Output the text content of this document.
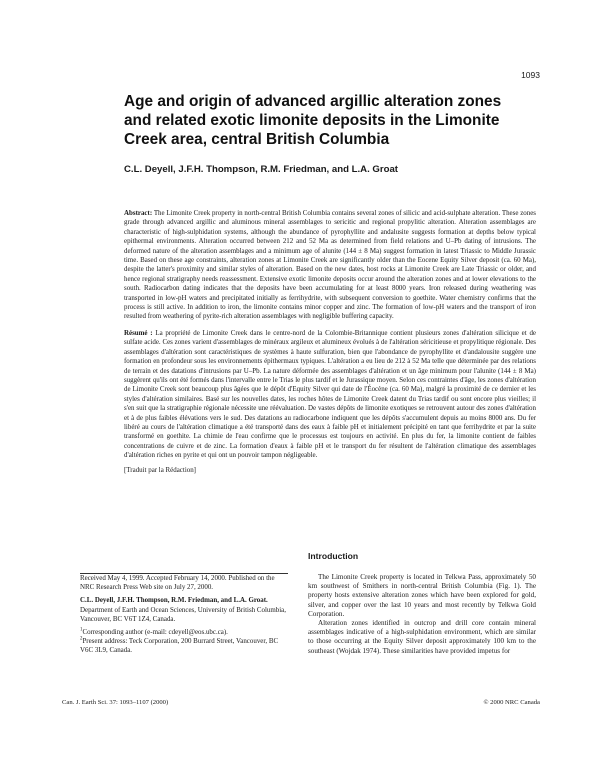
1093
Age and origin of advanced argillic alteration zones and related exotic limonite deposits in the Limonite Creek area, central British Columbia

C.L. Deyell, J.F.H. Thompson, R.M. Friedman, and L.A. Groat

Abstract: The Limonite Creek property in north-central British Columbia contains several zones of silicic and acid-sulphate alteration. These zones grade through advanced argillic and aluminous mineral assemblages to sericitic and regional propylitic alteration. Alteration assemblages are characteristic of high-sulphidation systems, although the abundance of pyrophyllite and andalusite suggests formation at depths below typical epithermal environments. Alteration occurred between 212 and 52 Ma as determined from field relations and U–Pb dating of intrusions. The deformed nature of the alteration assemblages and a minimum age of alunite (144 ± 8 Ma) suggest formation in latest Triassic to Middle Jurassic time. Based on these age constraints, alteration zones at Limonite Creek are significantly older than the Eocene Equity Silver deposit (ca. 60 Ma), despite the latter's proximity and similar styles of alteration. Based on the new dates, host rocks at Limonite Creek are Late Triassic or older, and hence regional stratigraphy needs reassessment. Extensive exotic limonite deposits occur around the alteration zones and at lower elevations to the south. Radiocarbon dating indicates that the deposits have been accumulating for at least 8000 years. Iron released during weathering was transported in low-pH waters and precipitated initially as ferrihydrite, with subsequent conversion to goethite. Water chemistry confirms that the process is still active. In addition to iron, the limonite contains minor copper and zinc. The formation of low-pH waters and the transport of iron resulted from weathering of pyrite-rich alteration assemblages with negligible buffering capacity.

Résumé : La propriété de Limonite Creek dans le centre-nord de la Colombie-Britannique contient plusieurs zones d'altération silicique et de sulfate acide. Ces zones varient d'assemblages de minéraux argileux et alumineux évolués à de l'altération séricitieuse et propylitique régionale. Des assemblages d'altération sont caractéristiques de systèmes à haute sulfuration, bien que l'abondance de pyrophyllite et d'andalousite suggère une formation en profondeur sous les environnements épithermaux typiques. L'altération a eu lieu de 212 à 52 Ma telle que déterminée par des relations de terrain et des datations d'intrusions par U–Pb. La nature déformée des assemblages d'altération et un âge minimum pour l'alunite (144 ± 8 Ma) suggèrent qu'ils ont été formés dans l'intervalle entre le Trias le plus tardif et le Jurassique moyen. Selon ces contraintes d'âge, les zones d'altération de Limonite Creek sont beaucoup plus âgées que le dépôt d'Equity Silver qui date de l'Éocène (ca. 60 Ma), malgré la proximité de ce dernier et les styles d'altération similaires. Basé sur les nouvelles dates, les roches hôtes de Limonite Creek datent du Trias tardif ou sont encore plus vieilles; il s'en suit que la stratigraphie régionale nécessite une réévaluation. De vastes dépôts de limonite exotiques se retrouvent autour des zones d'altération et à de plus faibles élévations vers le sud. Des datations au radiocarbone indiquent que les dépôts s'accumulent depuis au moins 8000 ans. Du fer libéré au cours de l'altération climatique a été transporté dans des eaux à faible pH et initialement précipité en tant que ferrihydrite et par la suite transformé en goethite. La chimie de l'eau confirme que le processus est toujours en activité. En plus du fer, la limonite contient de faibles concentrations de cuivre et de zinc. La formation d'eaux à faible pH et le transport du fer résultent de l'altération climatique des assemblages d'altération riches en pyrite et qui ont un pouvoir tampon négligeable.

[Traduit par la Rédaction]

Received May 4, 1999. Accepted February 14, 2000. Published on the NRC Research Press Web site on July 27, 2000.

C.L. Deyell, J.F.H. Thompson, R.M. Friedman, and L.A. Groat. Department of Earth and Ocean Sciences, University of British Columbia, Vancouver, BC V6T 1Z4, Canada.

$^1$Corresponding author (e-mail: cdeyell@eos.ubc.ca).

$^2$Present address: Teck Corporation, 200 Burrard Street, Vancouver, BC V6C 3L9, Canada.

Introduction

The Limonite Creek property is located in Telkwa Pass, approximately 50 km southwest of Smithers in north-central British Columbia (Fig. 1). The property hosts extensive alteration zones which have been explored for gold, silver, and copper over the last 10 years and most recently by Telkwa Gold Corporation.

Alteration zones identified in outcrop and drill core contain mineral assemblages indicative of a high-sulphidation environment, which are similar to those occurring at the Equity Silver deposit approximately 100 km to the southeast (Wojdak 1974). These similarities have provided impetus for

Can. J. Earth Sci. 37: 1093–1107 (2000)	© 2000 NRC Canada
